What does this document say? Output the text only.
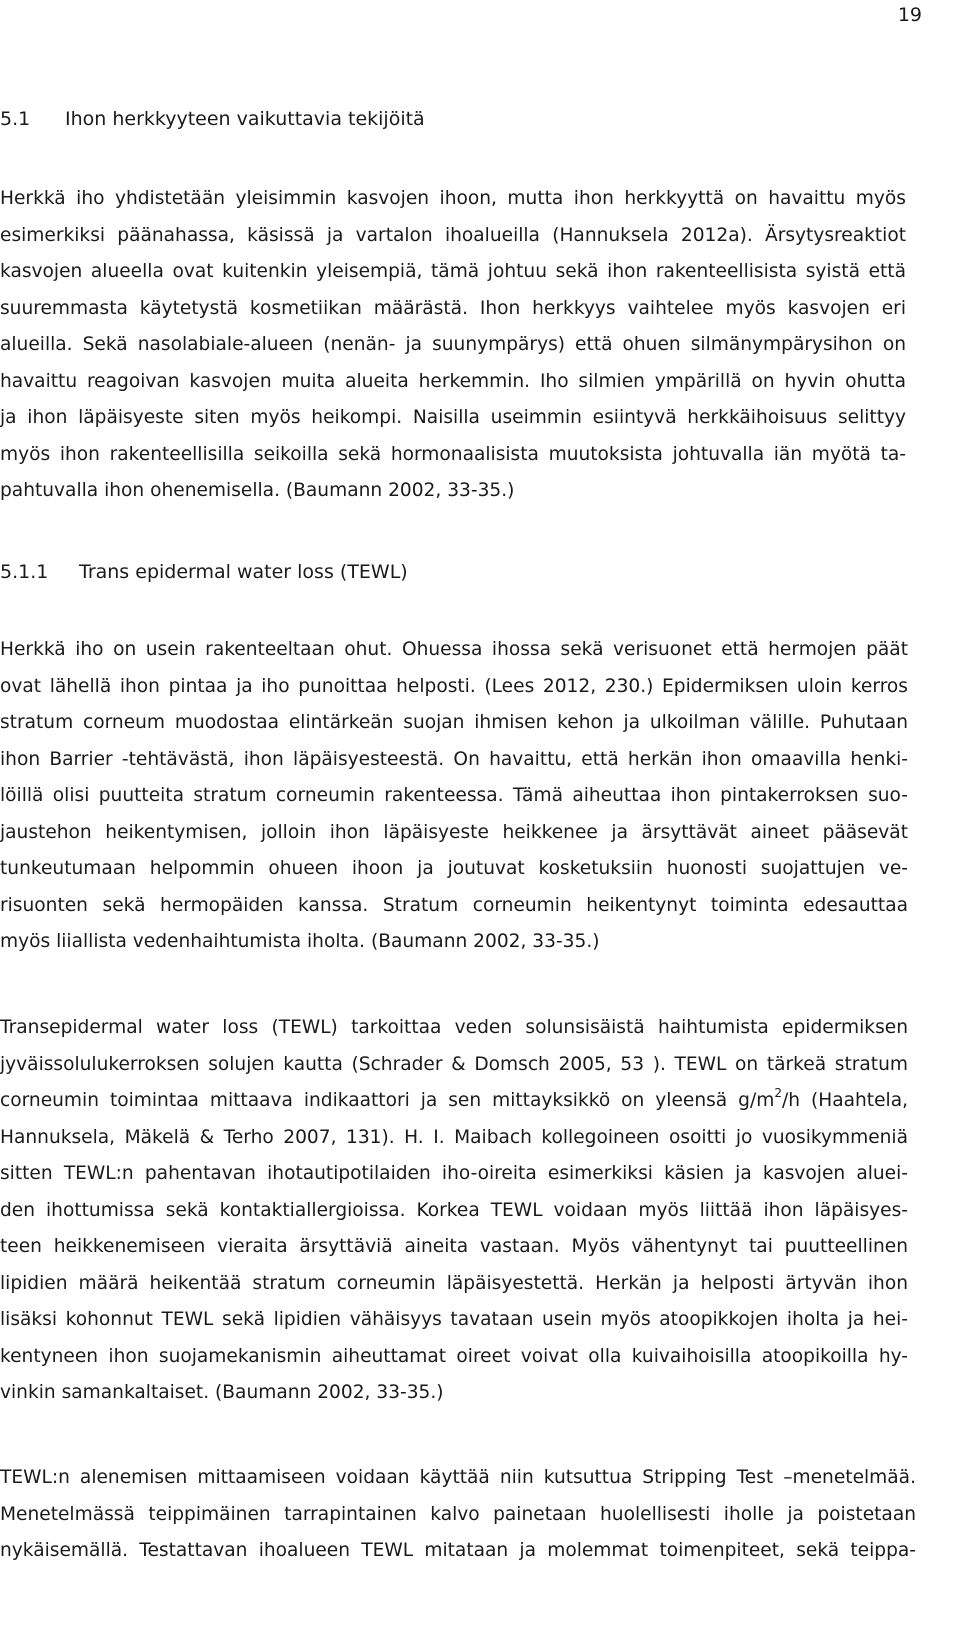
19
5.1 Ihon herkkyyteen vaikuttavia tekijöitä
Herkkä iho yhdistetään yleisimmin kasvojen ihoon, mutta ihon herkkyyttä on havaittu myös
esimerkiksi päänahassa, käsissä ja vartalon ihoalueilla (Hannuksela 2012a). Ärsytysreaktiot
kasvojen alueella ovat kuitenkin yleisempiä, tämä johtuu sekä ihon rakenteellisista syistä että
suuremmasta käytetystä kosmetiikan määrästä. Ihon herkkyys vaihtelee myös kasvojen eri
alueilla. Sekä nasolabiale-alueen (nenän- ja suunympärys) että ohuen silmänympärysihon on
havaittu reagoivan kasvojen muita alueita herkemmin. Iho silmien ympärillä on hyvin ohutta
ja ihon läpäisyeste siten myös heikompi. Naisilla useimmin esiintyvä herkkäihoisuus selittyy
myös ihon rakenteellisilla seikoilla sekä hormonaalisista muutoksista johtuvalla iän myötä ta-
pahtuvalla ihon ohenemisella. (Baumann 2002, 33-35.)
5.1.1 Trans epidermal water loss (TEWL)
Herkkä iho on usein rakenteeltaan ohut. Ohuessa ihossa sekä verisuonet että hermojen päät
ovat lähellä ihon pintaa ja iho punoittaa helposti. (Lees 2012, 230.) Epidermiksen uloin kerros
stratum corneum muodostaa elintärkeän suojan ihmisen kehon ja ulkoilman välille. Puhutaan
ihon Barrier -tehtävästä, ihon läpäisyesteestä. On havaittu, että herkän ihon omaavilla henki-
löillä olisi puutteita stratum corneumin rakenteessa. Tämä aiheuttaa ihon pintakerroksen suo-
jaustehon heikentymisen, jolloin ihon läpäisyeste heikkenee ja ärsyttävät aineet pääsevät
tunkeutumaan helpommin ohueen ihoon ja joutuvat kosketuksiin huonosti suojattujen ve-
risuonten sekä hermopäiden kanssa. Stratum corneumin heikentynyt toiminta edesauttaa
myös liiallista vedenhaihtumista iholta. (Baumann 2002, 33-35.)
Transepidermal water loss (TEWL) tarkoittaa veden solunsisäistä haihtumista epidermiksen
jyväissolulukerroksen solujen kautta (Schrader & Domsch 2005, 53 ). TEWL on tärkeä stratum
corneumin toimintaa mittaava indikaattori ja sen mittayksikkö on yleensä $g/m^2/h$ (Haahtela,
Hannuksela, Mäkelä & Terho 2007, 131). H. I. Maibach kollegoineen osoitti jo vuosikymmeniä
sitten TEWL:n pahentavan ihotautipotilaiden iho-oireita esimerkiksi käsien ja kasvojen aluei-
den ihottumissa sekä kontaktiallergioissa. Korkea TEWL voidaan myös liittää ihon läpäisyes-
teen heikkenemiseen vieraita ärsyttäviä aineita vastaan. Myös vähentynyt tai puutteellinen
lipidien määrä heikentää stratum corneumin läpäisyestettä. Herkän ja helposti ärtyvän ihon
lisäksi kohonnut TEWL sekä lipidien vähäisyys tavataan usein myös atoopikkojen iholta ja hei-
kentyneen ihon suojamekanismin aiheuttamat oireet voivat olla kuivaihoisilla atoopikoilla hy-
vinkin samankaltaiset. (Baumann 2002, 33-35.)
TEWL:n alenemisen mittaamiseen voidaan käyttää niin kutsuttua Stripping Test –menetelmää.
Menetelmässä teippimäinen tarrapintainen kalvo painetaan huolellisesti iholle ja poistetaan
nykäisemällä. Testattavan ihoalueen TEWL mitataan ja molemmat toimenpiteet, sekä teippa-
